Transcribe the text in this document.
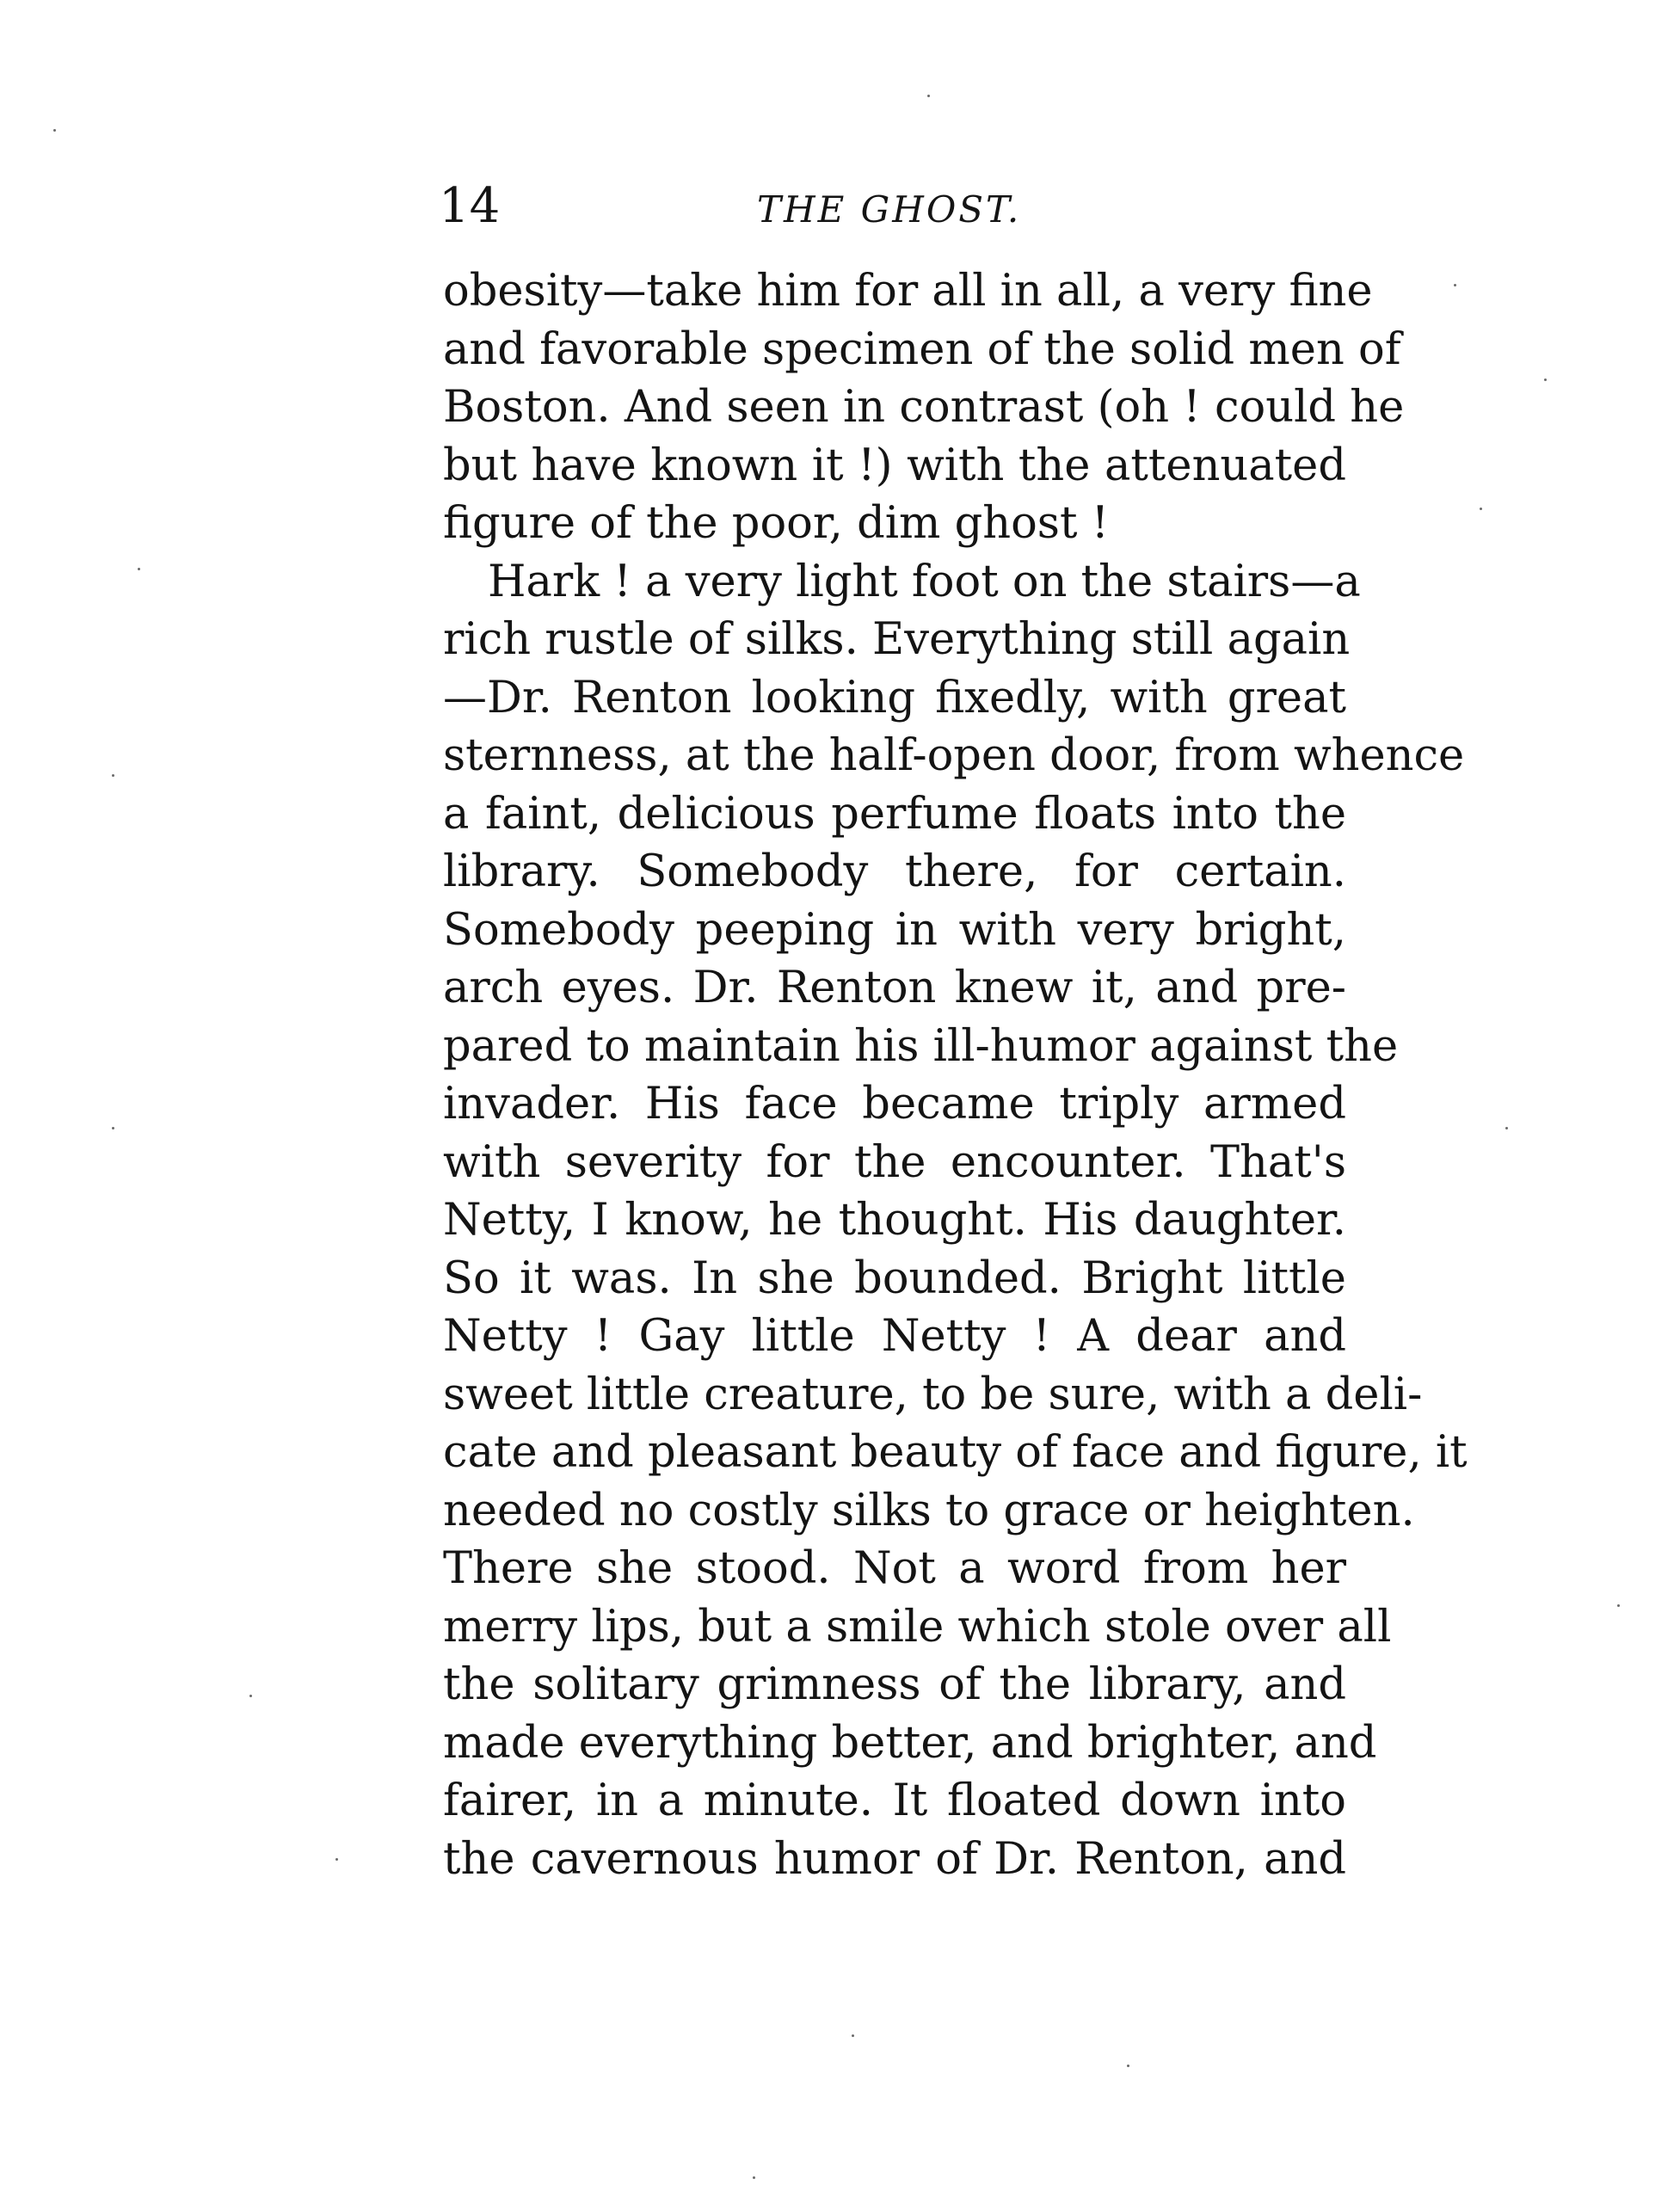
14	THE GHOST.
obesity—take him for all in all, a very fine
and favorable specimen of the solid men of
Boston. And seen in contrast (oh ! could he
but have known it !) with the attenuated
figure of the poor, dim ghost !
Hark ! a very light foot on the stairs—a
rich rustle of silks. Everything still again
—Dr. Renton looking fixedly, with great
sternness, at the half-open door, from whence
a faint, delicious perfume floats into the
library. Somebody there, for certain.
Somebody peeping in with very bright,
arch eyes. Dr. Renton knew it, and pre-
pared to maintain his ill-humor against the
invader. His face became triply armed
with severity for the encounter. That's
Netty, I know, he thought. His daughter.
So it was. In she bounded. Bright little
Netty ! Gay little Netty ! A dear and
sweet little creature, to be sure, with a deli-
cate and pleasant beauty of face and figure, it
needed no costly silks to grace or heighten.
There she stood. Not a word from her
merry lips, but a smile which stole over all
the solitary grimness of the library, and
made everything better, and brighter, and
fairer, in a minute. It floated down into
the cavernous humor of Dr. Renton, and
